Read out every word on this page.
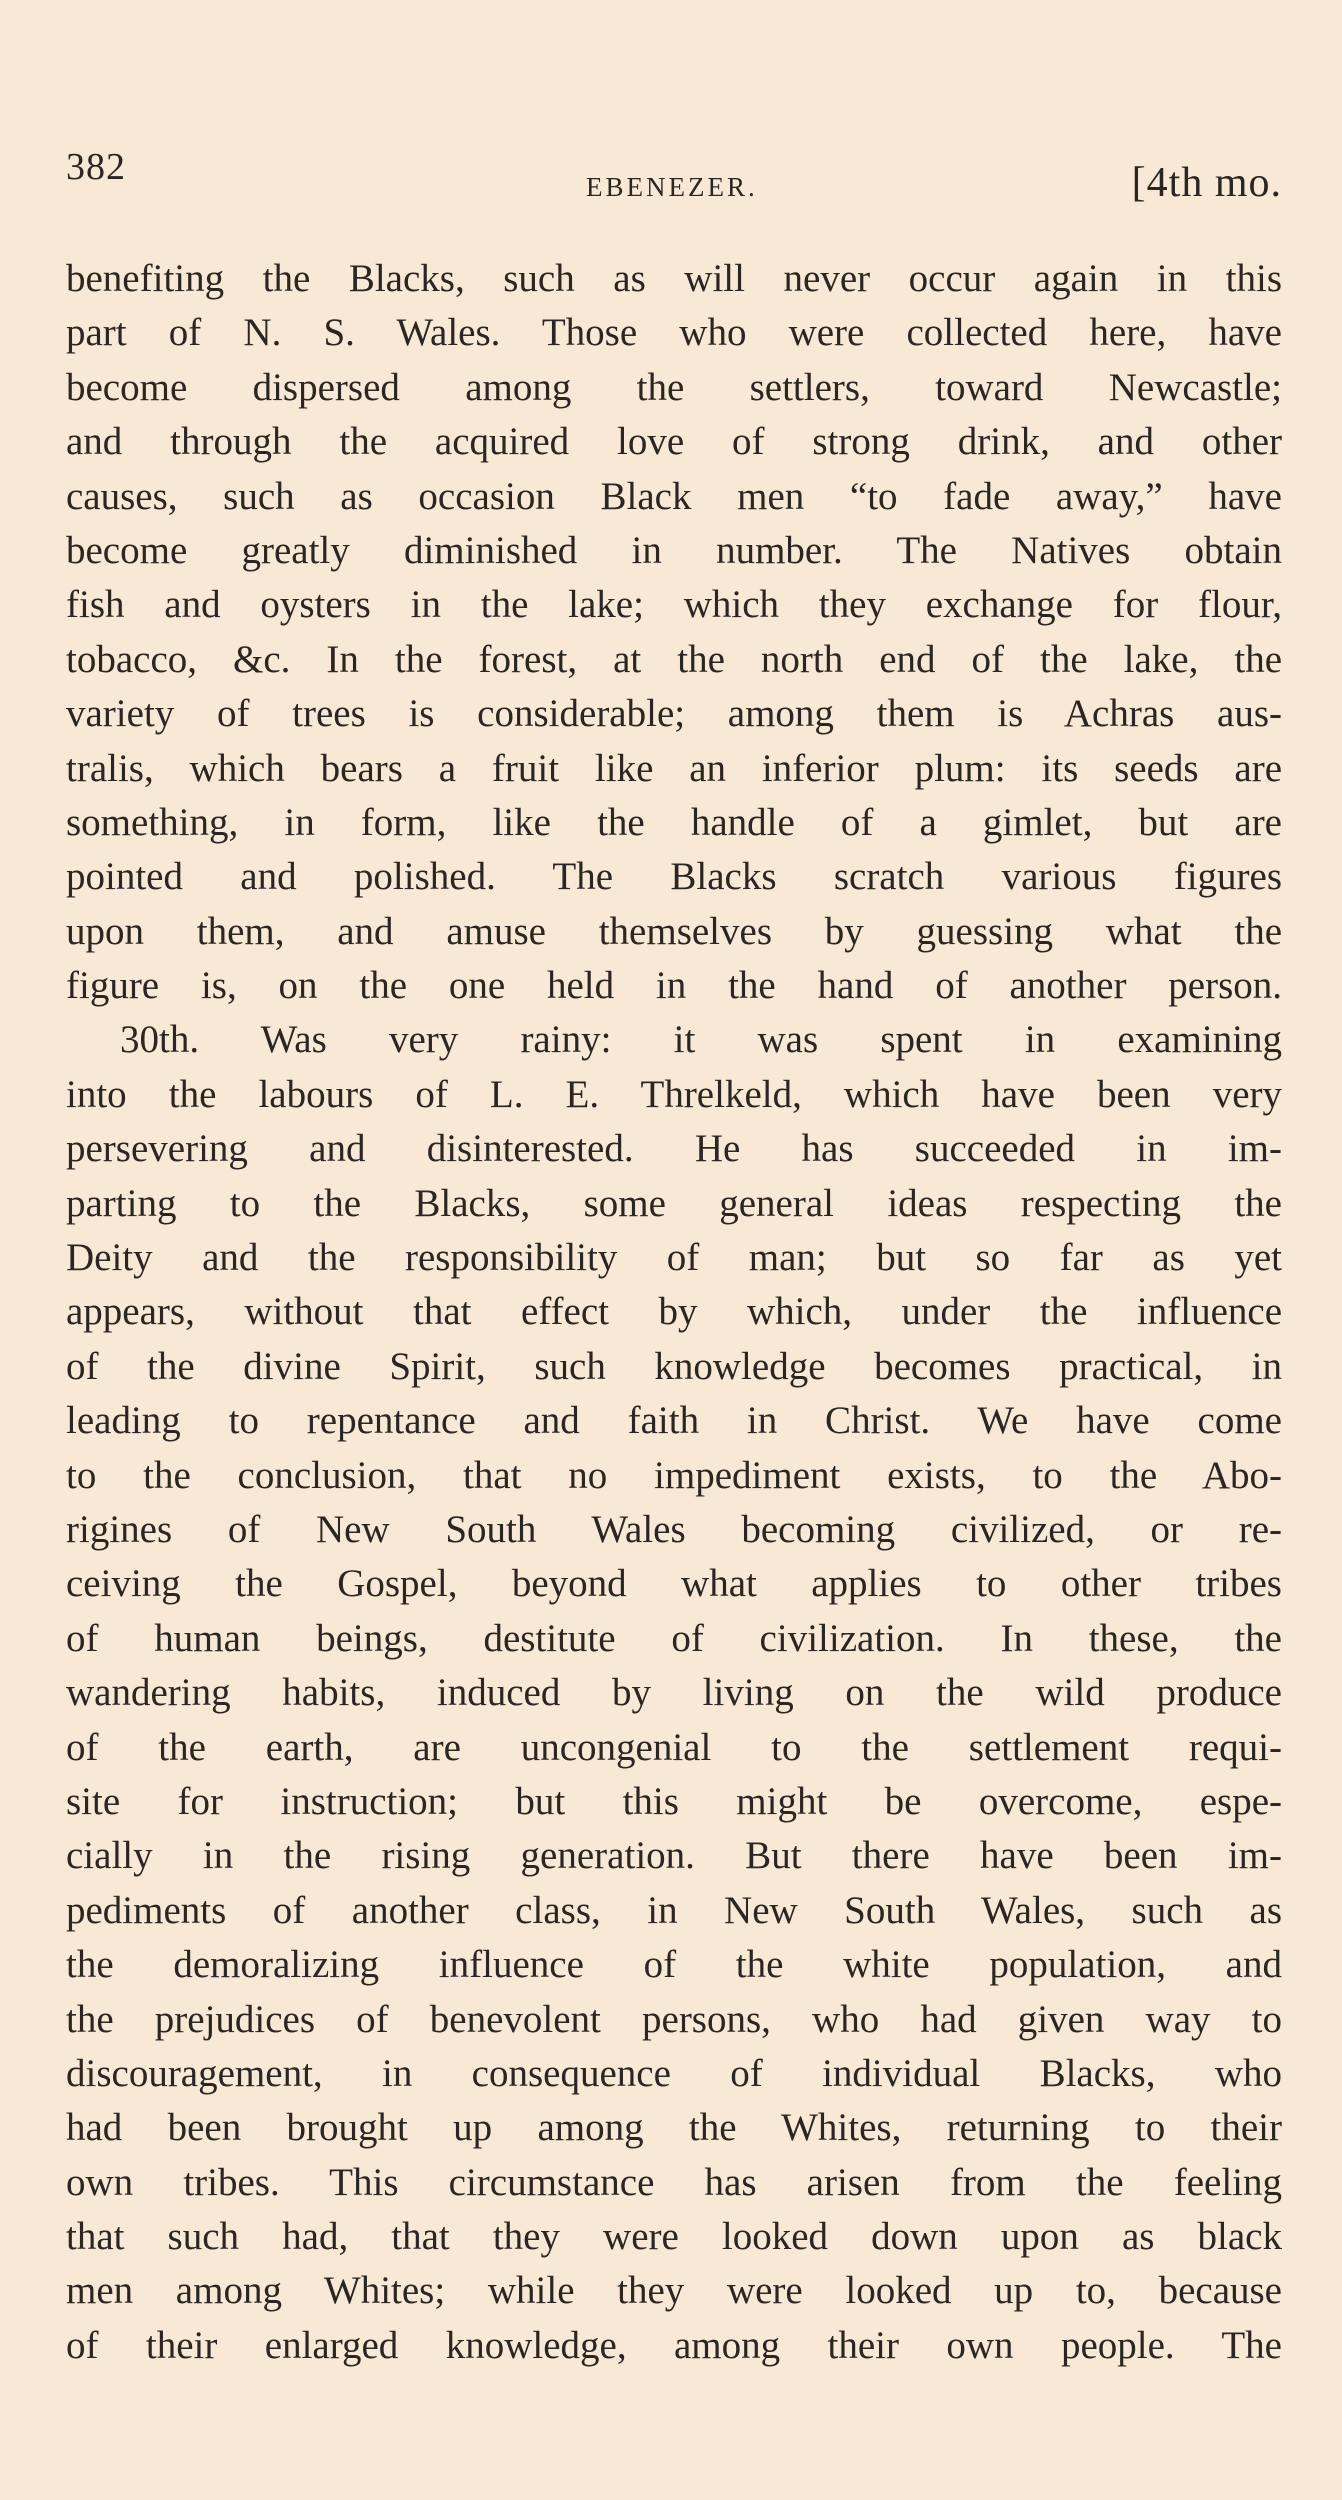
382	EBENEZER.	[4th mo.
benefiting the Blacks, such as will never occur again in this
part of N. S. Wales. Those who were collected here, have
become dispersed among the settlers, toward Newcastle;
and through the acquired love of strong drink, and other
causes, such as occasion Black men “to fade away,” have
become greatly diminished in number. The Natives obtain
fish and oysters in the lake; which they exchange for flour,
tobacco, &c. In the forest, at the north end of the lake, the
variety of trees is considerable; among them is Achras aus-
tralis, which bears a fruit like an inferior plum: its seeds are
something, in form, like the handle of a gimlet, but are
pointed and polished. The Blacks scratch various figures
upon them, and amuse themselves by guessing what the
figure is, on the one held in the hand of another person.
30th. Was very rainy: it was spent in examining
into the labours of L. E. Threlkeld, which have been very
persevering and disinterested. He has succeeded in im-
parting to the Blacks, some general ideas respecting the
Deity and the responsibility of man; but so far as yet
appears, without that effect by which, under the influence
of the divine Spirit, such knowledge becomes practical, in
leading to repentance and faith in Christ. We have come
to the conclusion, that no impediment exists, to the Abo-
rigines of New South Wales becoming civilized, or re-
ceiving the Gospel, beyond what applies to other tribes
of human beings, destitute of civilization. In these, the
wandering habits, induced by living on the wild produce
of the earth, are uncongenial to the settlement requi-
site for instruction; but this might be overcome, espe-
cially in the rising generation. But there have been im-
pediments of another class, in New South Wales, such as
the demoralizing influence of the white population, and
the prejudices of benevolent persons, who had given way to
discouragement, in consequence of individual Blacks, who
had been brought up among the Whites, returning to their
own tribes. This circumstance has arisen from the feeling
that such had, that they were looked down upon as black
men among Whites; while they were looked up to, because
of their enlarged knowledge, among their own people. The
